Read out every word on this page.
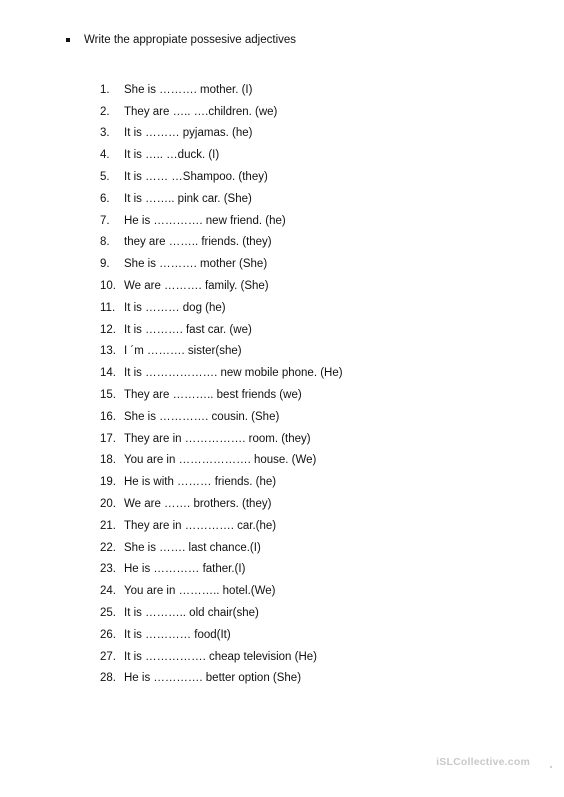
Write the appropiate possesive adjectives
1.	She is ………. mother. (I)
2.	They are ….. ….children. (we)
3.	It is ……… pyjamas. (he)
4.	It is ….. …duck. (I)
5.	It is …… …Shampoo. (they)
6.	It is …….. pink car. (She)
7.	He is …………. new friend. (he)
8.	they are …….. friends. (they)
9.	She is ………. mother (She)
10. We are ………. family. (She)
11. It is ……… dog (he)
12. It is ………. fast car. (we)
13. I ´m ………. sister(she)
14. It is ………………. new mobile phone. (He)
15. They are ……….. best friends (we)
16. She is …………. cousin. (She)
17. They are in ……………. room. (they)
18. You are in ………………. house. (We)
19. He is with ……… friends. (he)
20. We are ……. brothers. (they)
21. They are in …………. car.(he)
22. She is ……. last chance.(I)
23. He is ………… father.(I)
24. You are in ……….. hotel.(We)
25. It is ……….. old chair(she)
26. It is ………… food(It)
27. It is ……………. cheap television (He)
28. He is …………. better option (She)
iSLCollective.com
